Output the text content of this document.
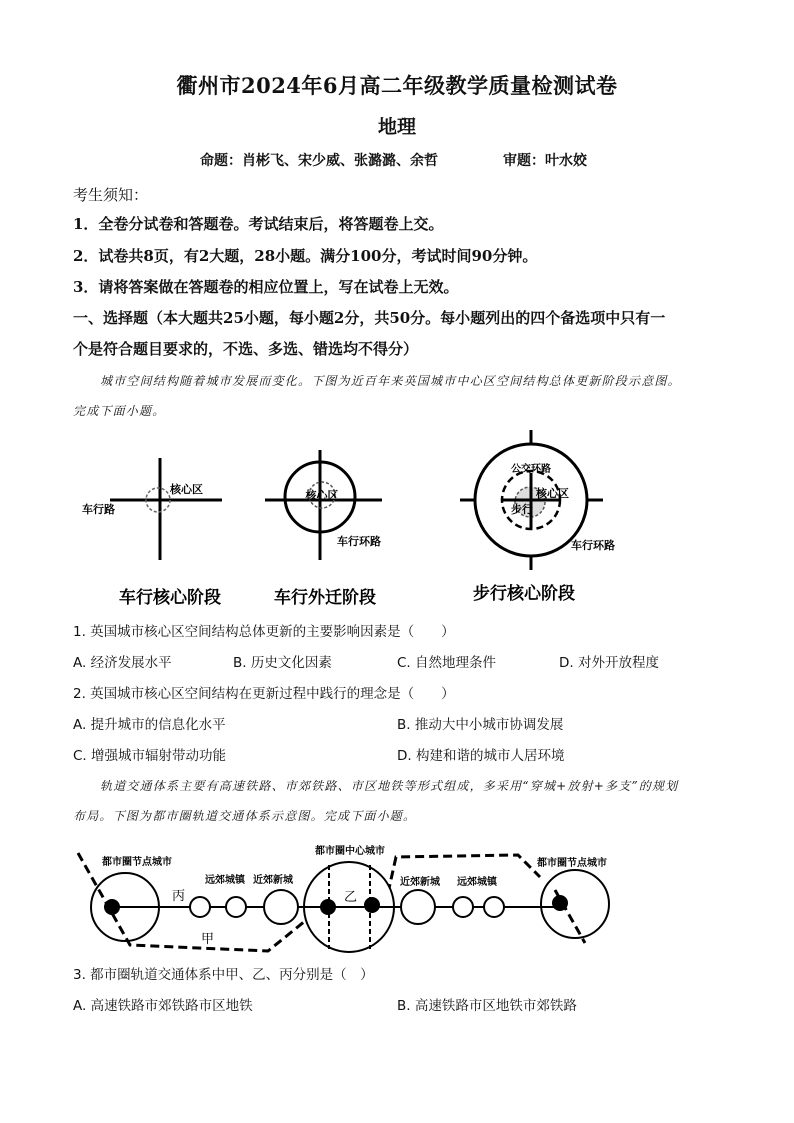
衢州市2024年6月高二年级教学质量检测试卷
地理
命题：肖彬飞、宋少威、张潞潞、余哲	审题：叶水姣
考生须知：
1．全卷分试卷和答题卷。考试结束后，将答题卷上交。
2．试卷共8页，有2大题，28小题。满分100分，考试时间90分钟。
3．请将答案做在答题卷的相应位置上，写在试卷上无效。
一、选择题（本大题共25小题，每小题2分，共50分。每小题列出的四个备选项中只有一
个是符合题目要求的，不选、多选、错选均不得分）
城市空间结构随着城市发展而变化。下图为近百年来英国城市中心区空间结构总体更新阶段示意图。
完成下面小题。
核心区
车行路
车行核心阶段
核心区
车行环路
车行外迁阶段
公交环路
核心区
步行
车行环路
步行核心阶段
1. 英国城市核心区空间结构总体更新的主要影响因素是（　　）
A. 经济发展水平	B. 历史文化因素	C. 自然地理条件	D. 对外开放程度
2. 英国城市核心区空间结构在更新过程中践行的理念是（　　）
A. 提升城市的信息化水平	B. 推动大中小城市协调发展
C. 增强城市辐射带动功能	D. 构建和谐的城市人居环境
轨道交通体系主要有高速铁路、市郊铁路、市区地铁等形式组成，多采用“穿城+放射+多支”的规划
布局。下图为都市圈轨道交通体系示意图。完成下面小题。
都市圈节点城市
远郊城镇 近郊新城
都市圈中心城市
近郊新城 远郊城镇
都市圈节点城市
丙
甲
乙
3. 都市圈轨道交通体系中甲、乙、丙分别是（　）
A. 高速铁路市郊铁路市区地铁	B. 高速铁路市区地铁市郊铁路
